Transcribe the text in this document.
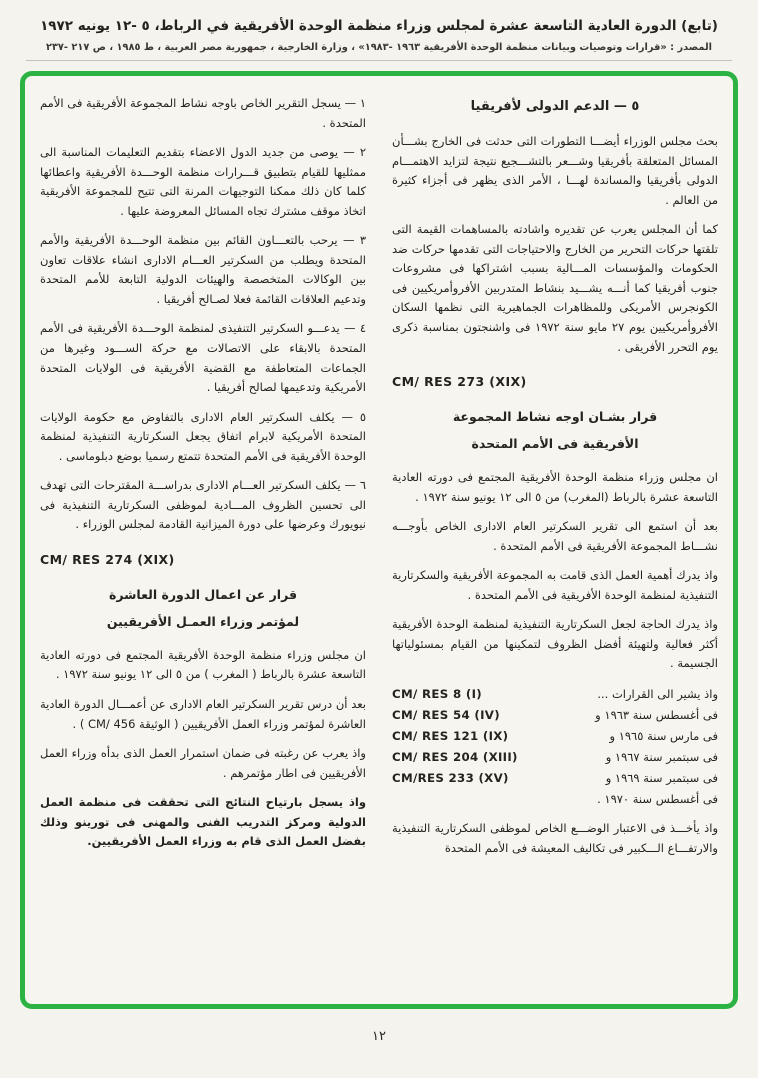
(تابع) الدورة العادية التاسعة عشرة لمجلس وزراء منظمة الوحدة الأفريقية في الرباط، ٥ -١٢ يونيه ١٩٧٢
المصدر : «قرارات وتوصيات وبيانات منظمة الوحدة الأفريقية ١٩٦٣ -١٩٨٣» ، وزارة الخارجية ، جمهورية مصر العربية ، ط ١٩٨٥ ، ص ٢١٧ -٢٣٧
٥ — الدعم الدولى لأفريقيا

بحث مجلس الوزراء أيضـــا التطورات التى حدثت فى الخارج بشـــأن المسائل المتعلقة بأفريقيا وشـــعر بالتشـــجيع نتيجة لتزايد الاهتمـــام الدولى بأفريقيا والمساندة لهـــا ، الأمر الذى يظهر فى أجزاء كثيرة من العالم .

كما أن المجلس يعرب عن تقديره واشادته بالمساهمات القيمة التى تلقتها حركات التحرير من الخارج والاحتياجات التى تقدمها حركات ضد الحكومات والمؤسسات المـــالية بسبب اشتراكها فى مشروعات جنوب أفريقيا كما أنـــه يشـــيد بنشاط المتدربين الأفروأمريكيين فى الكونجرس الأمريكى وللمظاهرات الجماهيرية التى نظمها السكان الأفروأمريكيين يوم ٢٧ مايو سنة ١٩٧٢ فى واشنجتون بمناسبة ذكرى يوم التحرر الأفريقى .

CM/ RES 273 (XIX)
قرار بشـان اوجه نشاط المجموعة
الأفريقية فى الأمم المتحدة

ان مجلس وزراء منظمة الوحدة الأفريقية المجتمع فى دورته العادية التاسعة عشرة بالرباط (المغرب) من ٥ الى ١٢ يونيو سنة ١٩٧٢ .

بعد أن استمع الى تقرير السكرتير العام الادارى الخاص بأوجـــه نشـــاط المجموعة الأفريقية فى الأمم المتحدة .

واذ يدرك أهمية العمل الذى قامت به المجموعة الأفريقية والسكرتارية التنفيذية لمنظمة الوحدة الأفريقية فى الأمم المتحدة .

واذ يدرك الحاجة لجعل السكرتارية التنفيذية لمنظمة الوحدة الأفريقية أكثر فعالية ولتهيئة أفضل الظروف لتمكينها من القيام بمسئولياتها الجسيمة .

واذ يشير الى القرارات ...
CM/ RES 8 (I)
فى أغسطس سنة ١٩٦٣ و
CM/ RES 54 (IV)
فى مارس سنة ١٩٦٥ و
CM/ RES 121 (IX)
فى سبتمبر سنة ١٩٦٧ و
CM/ RES 204 (XIII)
فى سبتمبر سنة ١٩٦٩ و
CM/RES 233 (XV)
فى أغسطس سنة ١٩٧٠ .

واذ يأخـــذ فى الاعتبار الوضـــع الخاص لموظفى السكرتارية التنفيذية والارتفـــاع الـــكبير فى تكاليف المعيشة فى الأمم المتحدة

١ — يسجل التقرير الخاص باوجه نشاط المجموعة الأفريقية فى الأمم المتحدة .

٢ — يوصى من جديد الدول الاعضاء بتقديم التعليمات المناسبة الى ممثليها للقيام بتطبيق قـــرارات منظمة الوحـــدة الأفريقية واعطائها كلما كان ذلك ممكنا التوجيهات المرنة التى تتيح للمجموعة الأفريقية اتخاذ موقف مشترك تجاه المسائل المعروضة عليها .

٣ — يرحب بالتعـــاون القائم بين منظمة الوحـــدة الأفريقية والأمم المتحدة ويطلب من السكرتير العـــام الادارى انشاء علاقات تعاون بين الوكالات المتخصصة والهيئات الدولية التابعة للأمم المتحدة وتدعيم العلاقات القائمة فعلا لصـالح أفريقيا .

٤ — يدعـــو السكرتير التنفيذى لمنظمة الوحـــدة الأفريقية فى الأمم المتحدة بالابقاء على الاتصالات مع حركة الســـود وغيرها من الجماعات المتعاطفة مع القضية الأفريقية فى الولايات المتحدة الأمريكية وتدعيمها لصالح أفريقيا .

٥ — يكلف السكرتير العام الادارى بالتفاوض مع حكومة الولايات المتحدة الأمريكية لابرام اتفاق يجعل السكرتارية التنفيذية لمنظمة الوحدة الأفريقية فى الأمم المتحدة تتمتع رسميا بوضع دبلوماسى .

٦ — يكلف السكرتير العـــام الادارى بدراســـة المقترحات التى تهدف الى تحسين الظروف المـــادية لموظفى السكرتارية التنفيذية فى نيويورك وعرضها على دورة الميزانية القادمة لمجلس الوزراء .

CM/ RES 274 (XIX)
قرار عن اعمال الدورة العاشرة
لمؤتمر وزراء العمـل الأفريقيين

ان مجلس وزراء منظمة الوحدة الأفريقية المجتمع فى دورته العادية التاسعة عشرة بالرباط ( المغرب ) من ٥ الى ١٢ يونيو سنة ١٩٧٢ .

بعد أن درس تقرير السكرتير العام الادارى عن أعمـــال الدورة العادية العاشرة لمؤتمر وزراء العمل الأفريقيين ( الوثيقة CM/ 456 ) .

واذ يعرب عن رغبته فى ضمان استمرار العمل الذى بدأه وزراء العمل الأفريقيين فى اطار مؤتمرهم .

واذ يسجل بارتياح النتائج التى تحققت فى منظمة العمل الدولية ومركز التدريب الفنى والمهنى فى تورينو وذلك بفضل العمل الذى قام به وزراء العمل الأفريقيين.

١٢
